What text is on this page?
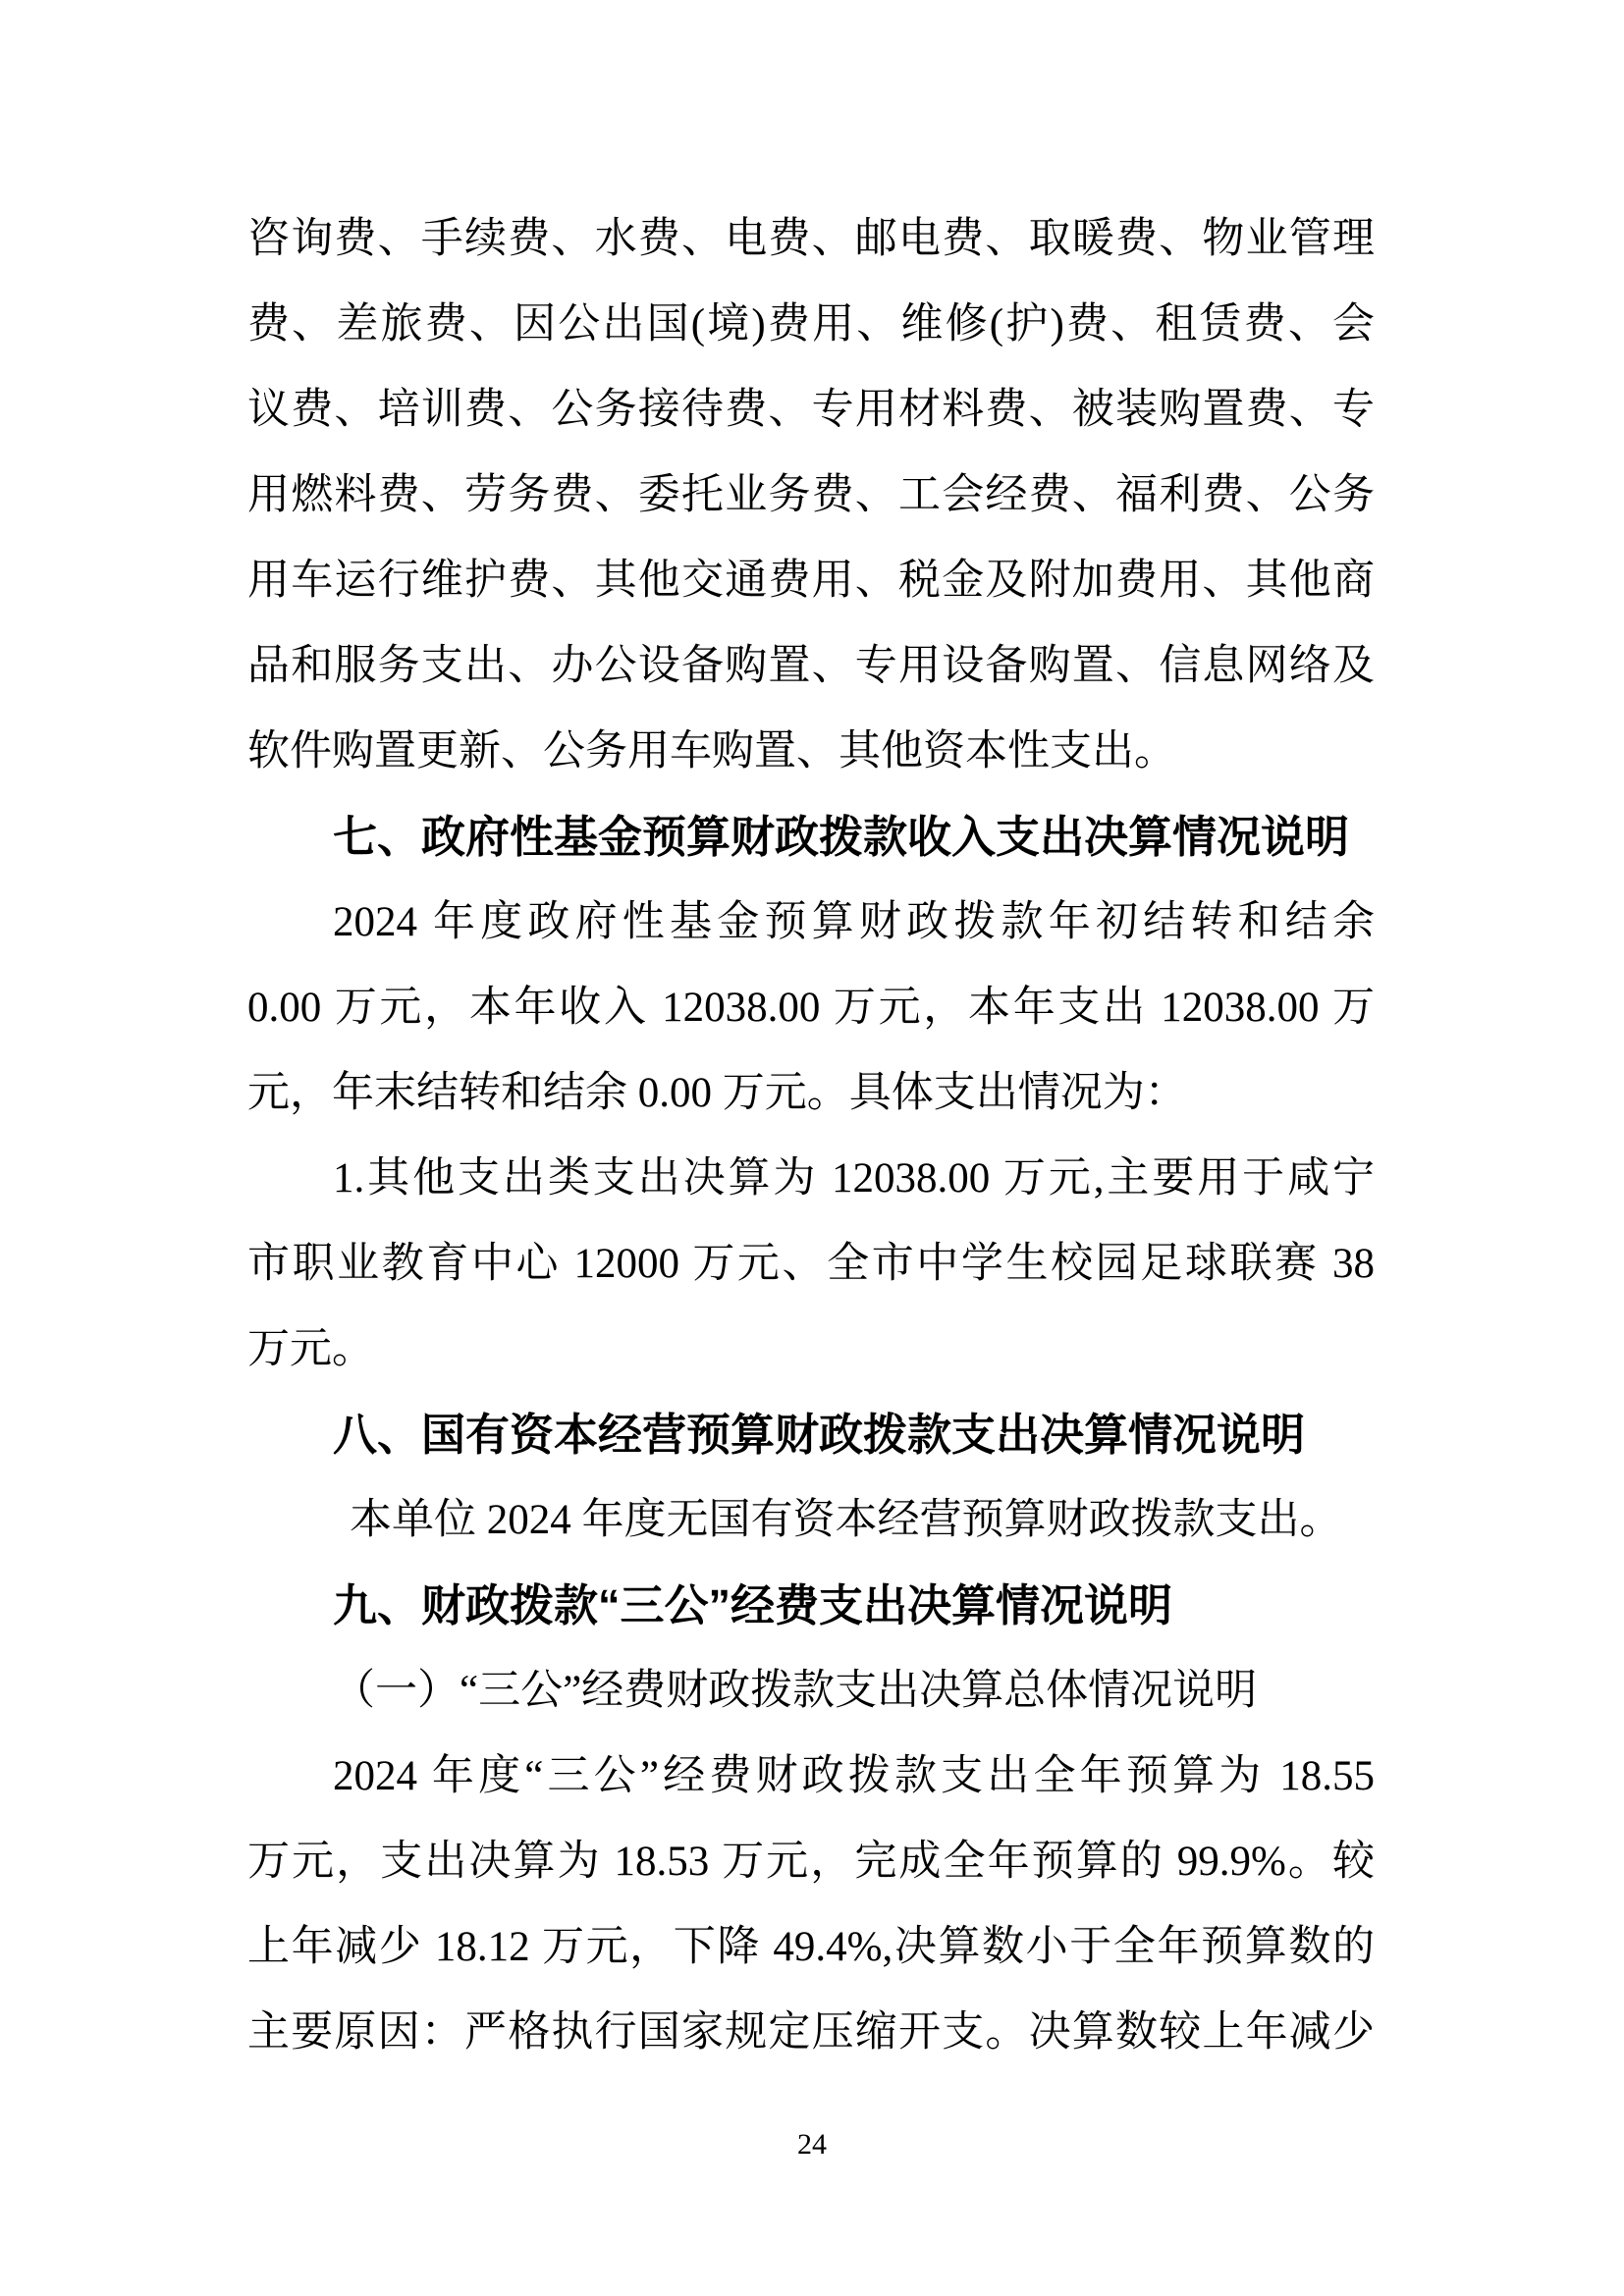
咨询费、手续费、水费、电费、邮电费、取暖费、物业管理
费、差旅费、因公出国(境)费用、维修(护)费、租赁费、会
议费、培训费、公务接待费、专用材料费、被装购置费、专
用燃料费、劳务费、委托业务费、工会经费、福利费、公务
用车运行维护费、其他交通费用、税金及附加费用、其他商
品和服务支出、办公设备购置、专用设备购置、信息网络及
软件购置更新、公务用车购置、其他资本性支出。
七、政府性基金预算财政拨款收入支出决算情况说明
2024 年度政府性基金预算财政拨款年初结转和结余
0.00 万元，本年收入 12038.00 万元，本年支出 12038.00 万
元，年末结转和结余 0.00 万元。具体支出情况为：
1.其他支出类支出决算为 12038.00 万元,主要用于咸宁
市职业教育中心 12000 万元、全市中学生校园足球联赛 38
万元。
八、国有资本经营预算财政拨款支出决算情况说明
本单位 2024 年度无国有资本经营预算财政拨款支出。
九、财政拨款“三公”经费支出决算情况说明
（一）“三公”经费财政拨款支出决算总体情况说明
2024 年度“三公”经费财政拨款支出全年预算为 18.55
万元，支出决算为 18.53 万元，完成全年预算的 99.9%。较
上年减少 18.12 万元，下降 49.4%,决算数小于全年预算数的
主要原因：严格执行国家规定压缩开支。决算数较上年减少
24
